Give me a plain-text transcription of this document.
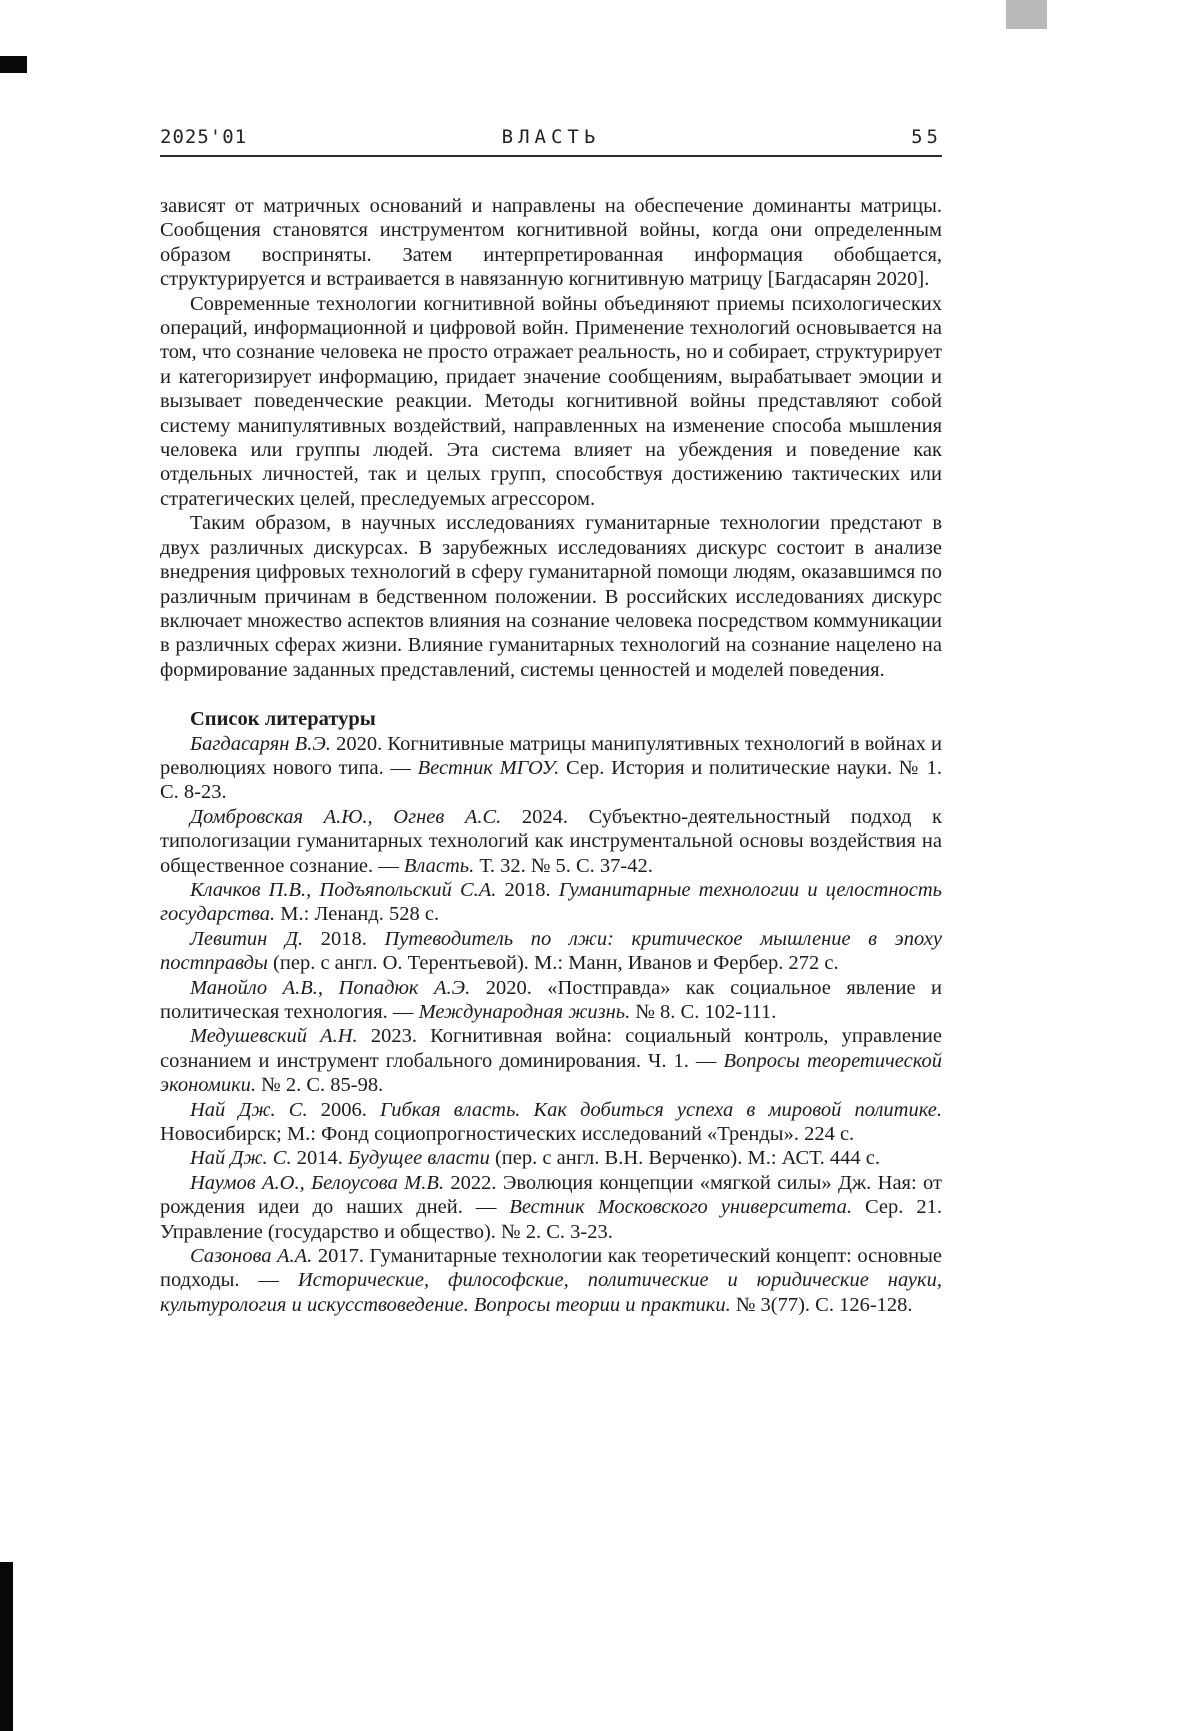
2025'01	ВЛАСТЬ	55

зависят от матричных оснований и направлены на обеспечение доминанты матрицы. Сообщения становятся инструментом когнитивной войны, когда они определенным образом восприняты. Затем интерпретированная информация обобщается, структурируется и встраивается в навязанную когнитивную матрицу [Багдасарян 2020].

Современные технологии когнитивной войны объединяют приемы психологических операций, информационной и цифровой войн. Применение технологий основывается на том, что сознание человека не просто отражает реальность, но и собирает, структурирует и категоризирует информацию, придает значение сообщениям, вырабатывает эмоции и вызывает поведенческие реакции. Методы когнитивной войны представляют собой систему манипулятивных воздействий, направленных на изменение способа мышления человека или группы людей. Эта система влияет на убеждения и поведение как отдельных личностей, так и целых групп, способствуя достижению тактических или стратегических целей, преследуемых агрессором.

Таким образом, в научных исследованиях гуманитарные технологии предстают в двух различных дискурсах. В зарубежных исследованиях дискурс состоит в анализе внедрения цифровых технологий в сферу гуманитарной помощи людям, оказавшимся по различным причинам в бедственном положении. В российских исследованиях дискурс включает множество аспектов влияния на сознание человека посредством коммуникации в различных сферах жизни. Влияние гуманитарных технологий на сознание нацелено на формирование заданных представлений, системы ценностей и моделей поведения.

Список литературы

Багдасарян В.Э. 2020. Когнитивные матрицы манипулятивных технологий в войнах и революциях нового типа. — Вестник МГОУ. Сер. История и политические науки. № 1. С. 8-23.

Домбровская А.Ю., Огнев А.С. 2024. Субъектно-деятельностный подход к типологизации гуманитарных технологий как инструментальной основы воздействия на общественное сознание. — Власть. Т. 32. № 5. С. 37-42.

Клачков П.В., Подъяпольский С.А. 2018. Гуманитарные технологии и целостность государства. М.: Ленанд. 528 с.

Левитин Д. 2018. Путеводитель по лжи: критическое мышление в эпоху постправды (пер. с англ. О. Терентьевой). М.: Манн, Иванов и Фербер. 272 с.

Манойло А.В., Попадюк А.Э. 2020. «Постправда» как социальное явление и политическая технология. — Международная жизнь. № 8. С. 102-111.

Медушевский А.Н. 2023. Когнитивная война: социальный контроль, управление сознанием и инструмент глобального доминирования. Ч. 1. — Вопросы теоретической экономики. № 2. С. 85-98.

Най Дж. С. 2006. Гибкая власть. Как добиться успеха в мировой политике. Новосибирск; М.: Фонд социопрогностических исследований «Тренды». 224 с.

Най Дж. С. 2014. Будущее власти (пер. с англ. В.Н. Верченко). М.: АСТ. 444 с.

Наумов А.О., Белоусова М.В. 2022. Эволюция концепции «мягкой силы» Дж. Ная: от рождения идеи до наших дней. — Вестник Московского университета. Сер. 21. Управление (государство и общество). № 2. С. 3-23.

Сазонова А.А. 2017. Гуманитарные технологии как теоретический концепт: основные подходы. — Исторические, философские, политические и юридические науки, культурология и искусствоведение. Вопросы теории и практики. № 3(77). С. 126-128.
